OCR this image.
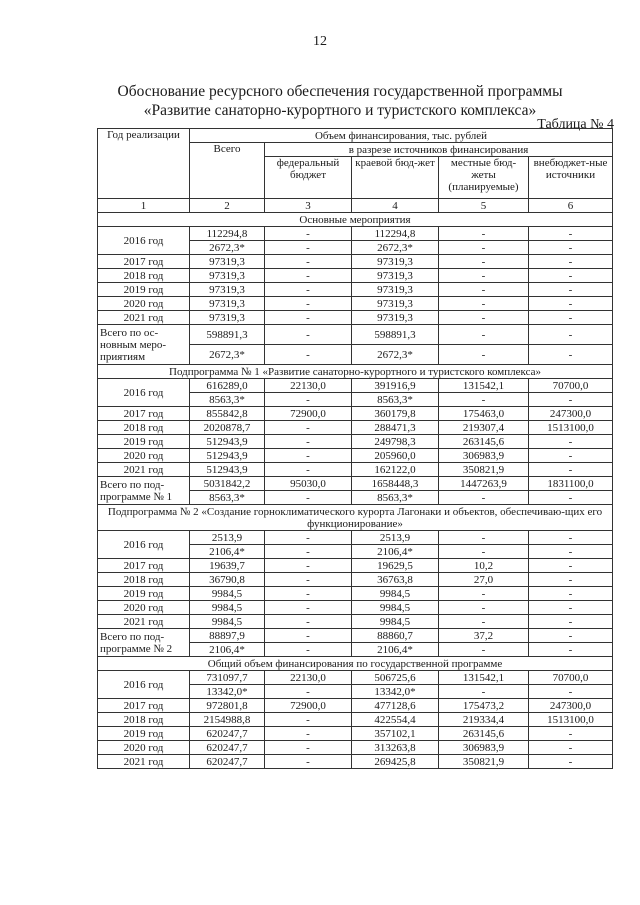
12
Обоснование ресурсного обеспечения государственной программы
«Развитие санаторно-курортного и туристского комплекса»
Таблица № 4
Год реализации	Объем финансирования, тыс. рублей				
	Всего	в разрезе источников финансирования			
		федеральный бюджет	краевой бюд-жет	местные бюд-жеты (планируемые)	внебюджет-ные источники
1	2	3	4	5	6
Основные мероприятия					
2016 год	112294,8	-	112294,8	-	-
	2672,3*	-	2672,3*	-	-
2017 год	97319,3	-	97319,3	-	-
2018 год	97319,3	-	97319,3	-	-
2019 год	97319,3	-	97319,3	-	-
2020 год	97319,3	-	97319,3	-	-
2021 год	97319,3	-	97319,3	-	-
Всего по ос-новным меро-приятиям	598891,3	-	598891,3	-	-
	2672,3*	-	2672,3*	-	-
Подпрограмма № 1 «Развитие санаторно-курортного и туристского комплекса»					
2016 год	616289,0	22130,0	391916,9	131542,1	70700,0
	8563,3*	-	8563,3*	-	-
2017 год	855842,8	72900,0	360179,8	175463,0	247300,0
2018 год	2020878,7	-	288471,3	219307,4	1513100,0
2019 год	512943,9	-	249798,3	263145,6	-
2020 год	512943,9	-	205960,0	306983,9	-
2021 год	512943,9	-	162122,0	350821,9	-
Всего по под-программе № 1	5031842,2	95030,0	1658448,3	1447263,9	1831100,0
	8563,3*	-	8563,3*	-	-
Подпрограмма № 2 «Создание горноклиматического курорта Лагонаки и объектов, обеспечиваю-щих его функционирование»					
2016 год	2513,9	-	2513,9	-	-
	2106,4*	-	2106,4*	-	-
2017 год	19639,7	-	19629,5	10,2	-
2018 год	36790,8	-	36763,8	27,0	-
2019 год	9984,5	-	9984,5	-	-
2020 год	9984,5	-	9984,5	-	-
2021 год	9984,5	-	9984,5	-	-
Всего по под-программе № 2	88897,9	-	88860,7	37,2	-
	2106,4*	-	2106,4*	-	-
Общий объем финансирования по государственной программе					
2016 год	731097,7	22130,0	506725,6	131542,1	70700,0
	13342,0*	-	13342,0*	-	-
2017 год	972801,8	72900,0	477128,6	175473,2	247300,0
2018 год	2154988,8	-	422554,4	219334,4	1513100,0
2019 год	620247,7	-	357102,1	263145,6	-
2020 год	620247,7	-	313263,8	306983,9	-
2021 год	620247,7	-	269425,8	350821,9	-
